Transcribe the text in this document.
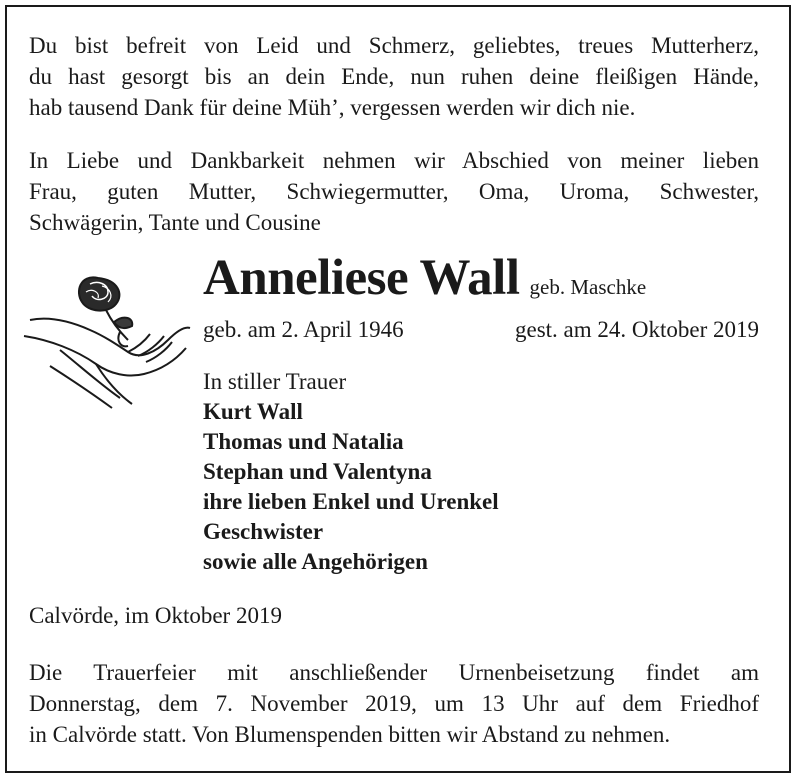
Du bist befreit von Leid und Schmerz, geliebtes, treues Mutterherz,
du hast gesorgt bis an dein Ende, nun ruhen deine fleißigen Hände,
hab tausend Dank für deine Müh’, vergessen werden wir dich nie.
In Liebe und Dankbarkeit nehmen wir Abschied von meiner lieben
Frau, guten Mutter, Schwiegermutter, Oma, Uroma, Schwester,
Schwägerin, Tante und Cousine
Anneliese Wall geb. Maschke
geb. am 2. April 1946	gest. am 24. Oktober 2019
In stiller Trauer
Kurt Wall
Thomas und Natalia
Stephan und Valentyna
ihre lieben Enkel und Urenkel
Geschwister
sowie alle Angehörigen
Calvörde, im Oktober 2019
Die Trauerfeier mit anschließender Urnenbeisetzung findet am
Donnerstag, dem 7. November 2019, um 13 Uhr auf dem Friedhof
in Calvörde statt. Von Blumenspenden bitten wir Abstand zu nehmen.
